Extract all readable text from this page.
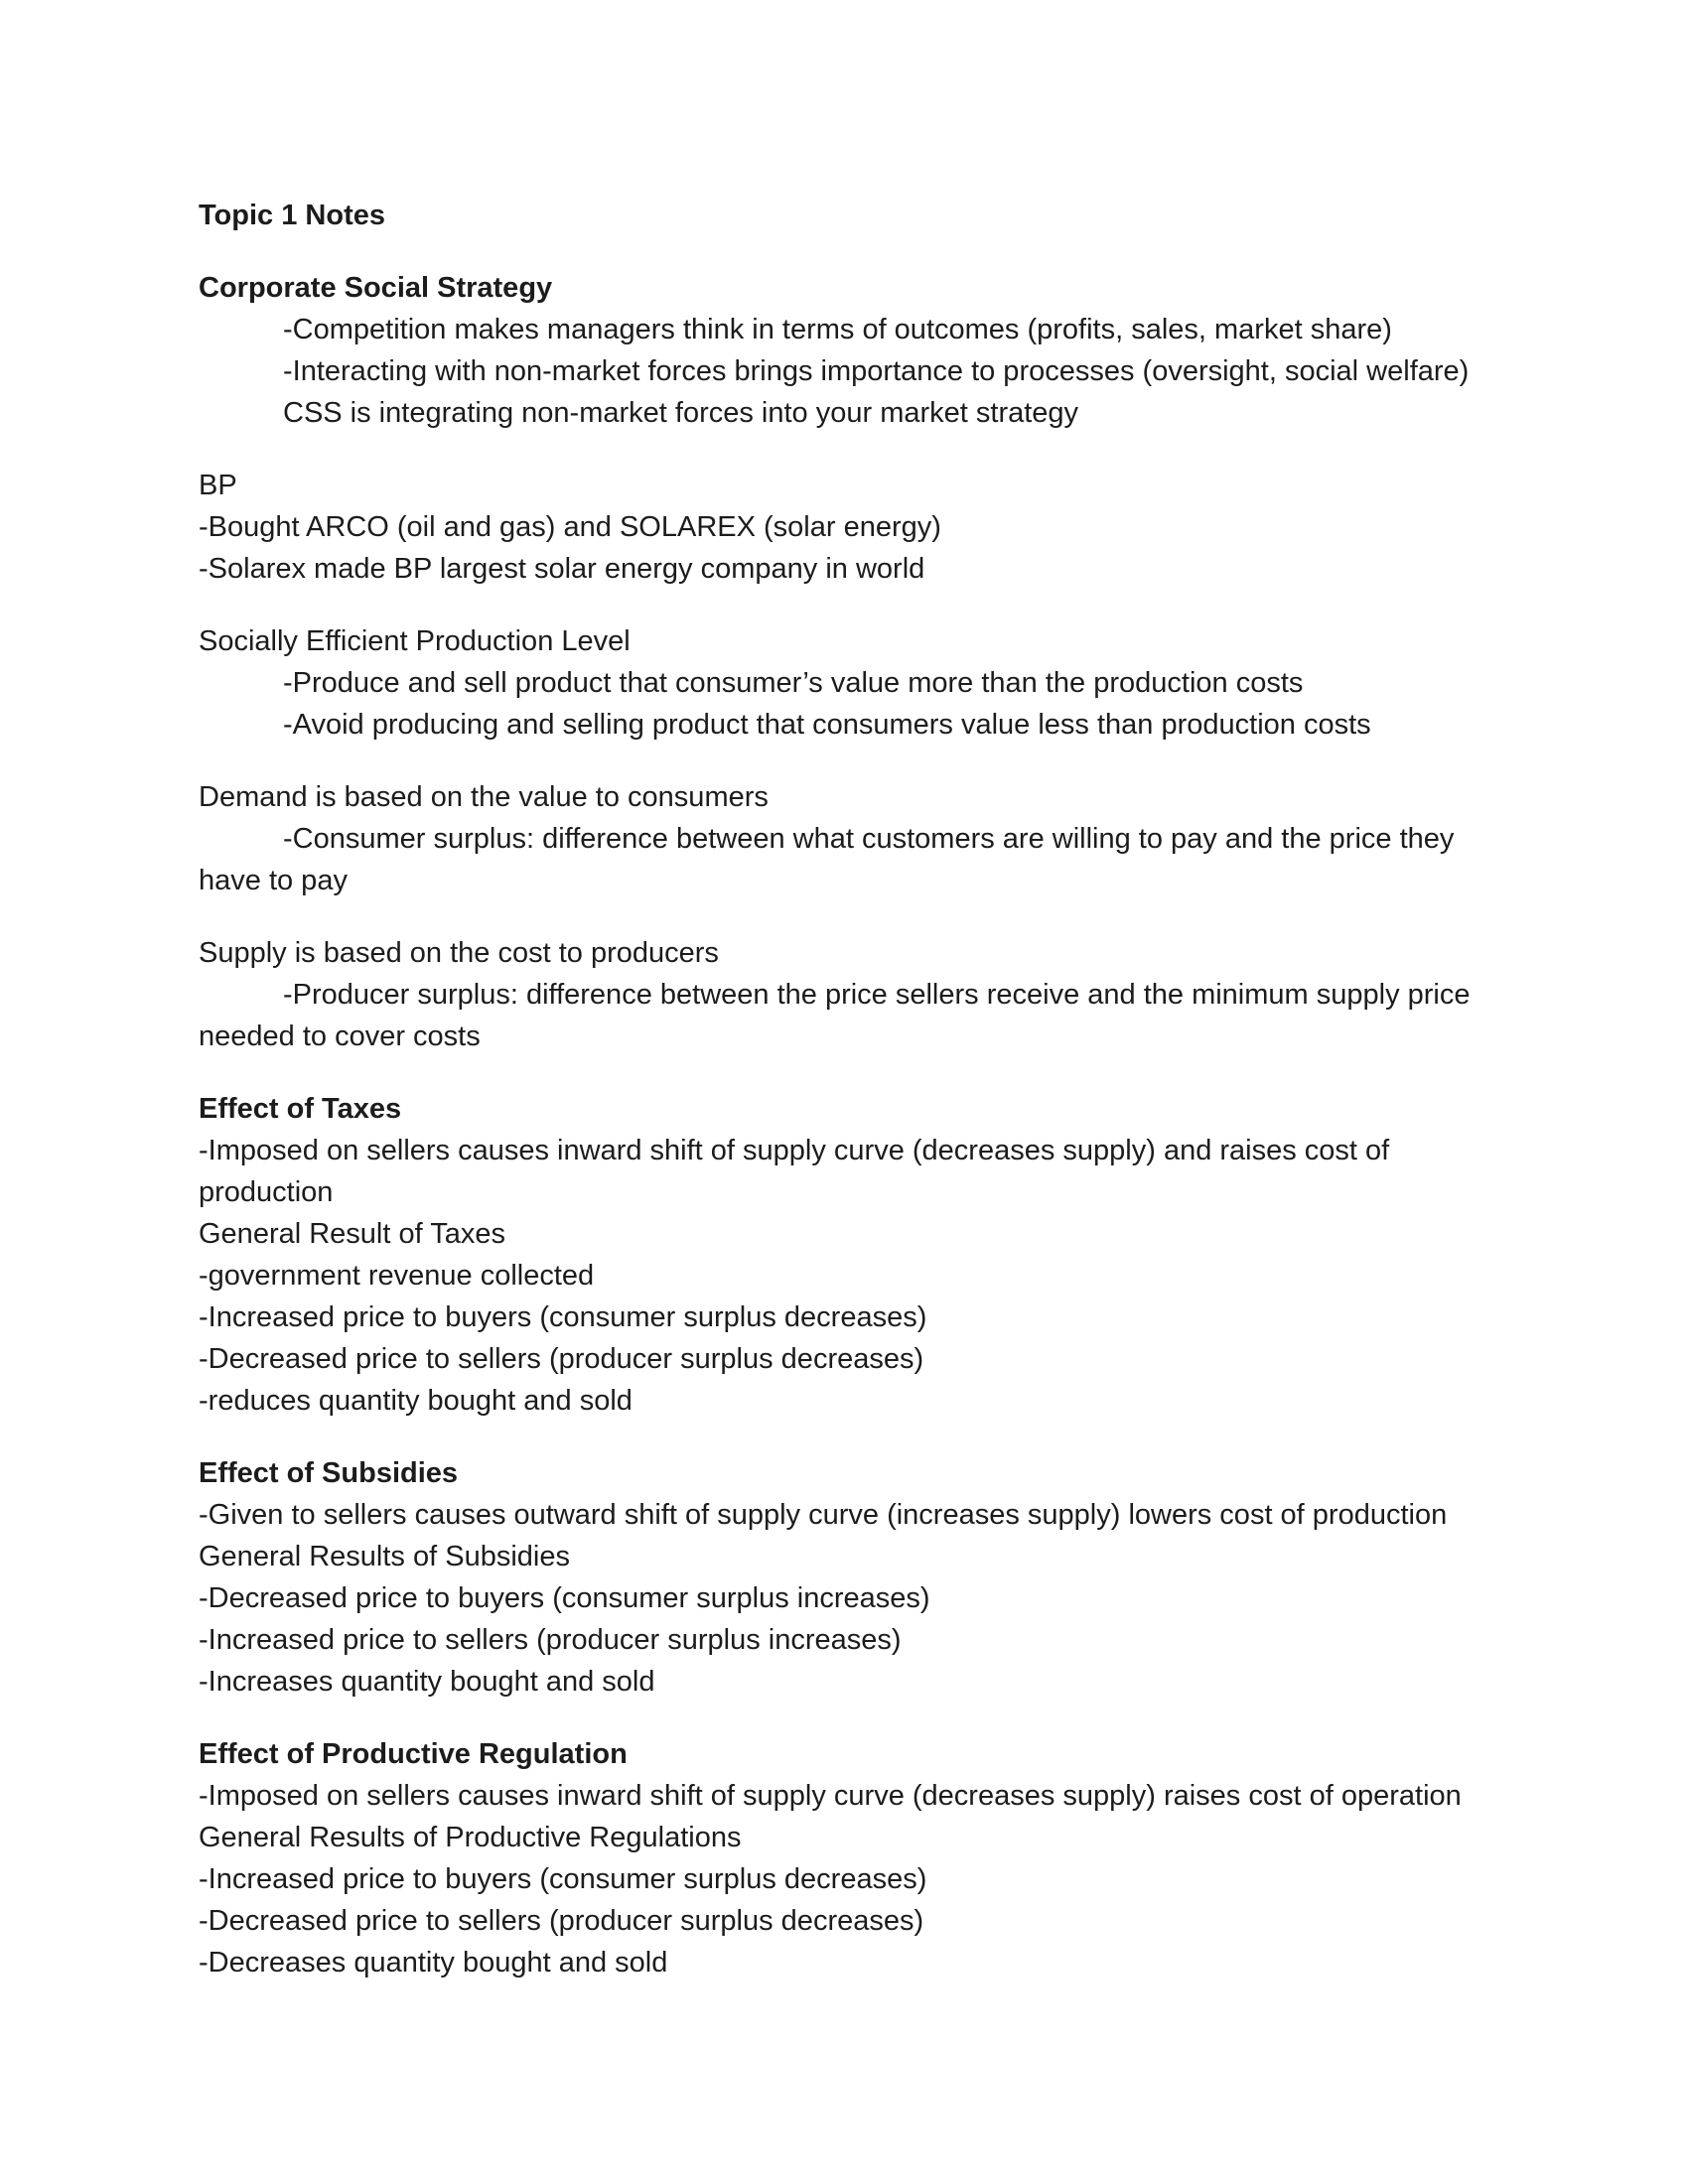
Topic 1 Notes
Corporate Social Strategy
-Competition makes managers think in terms of outcomes (profits, sales, market share)
-Interacting with non-market forces brings importance to processes (oversight, social welfare)
CSS is integrating non-market forces into your market strategy
BP
-Bought ARCO (oil and gas) and SOLAREX (solar energy)
-Solarex made BP largest solar energy company in world
Socially Efficient Production Level
-Produce and sell product that consumer’s value more than the production costs
-Avoid producing and selling product that consumers value less than production costs
Demand is based on the value to consumers
-Consumer surplus: difference between what customers are willing to pay and the price they
have to pay
Supply is based on the cost to producers
-Producer surplus: difference between the price sellers receive and the minimum supply price
needed to cover costs
Effect of Taxes
-Imposed on sellers causes inward shift of supply curve (decreases supply) and raises cost of production
General Result of Taxes
-government revenue collected
-Increased price to buyers (consumer surplus decreases)
-Decreased price to sellers (producer surplus decreases)
-reduces quantity bought and sold
Effect of Subsidies
-Given to sellers causes outward shift of supply curve (increases supply) lowers cost of production
General Results of Subsidies
-Decreased price to buyers (consumer surplus increases)
-Increased price to sellers (producer surplus increases)
-Increases quantity bought and sold
Effect of Productive Regulation
-Imposed on sellers causes inward shift of supply curve (decreases supply) raises cost of operation
General Results of Productive Regulations
-Increased price to buyers (consumer surplus decreases)
-Decreased price to sellers (producer surplus decreases)
-Decreases quantity bought and sold
